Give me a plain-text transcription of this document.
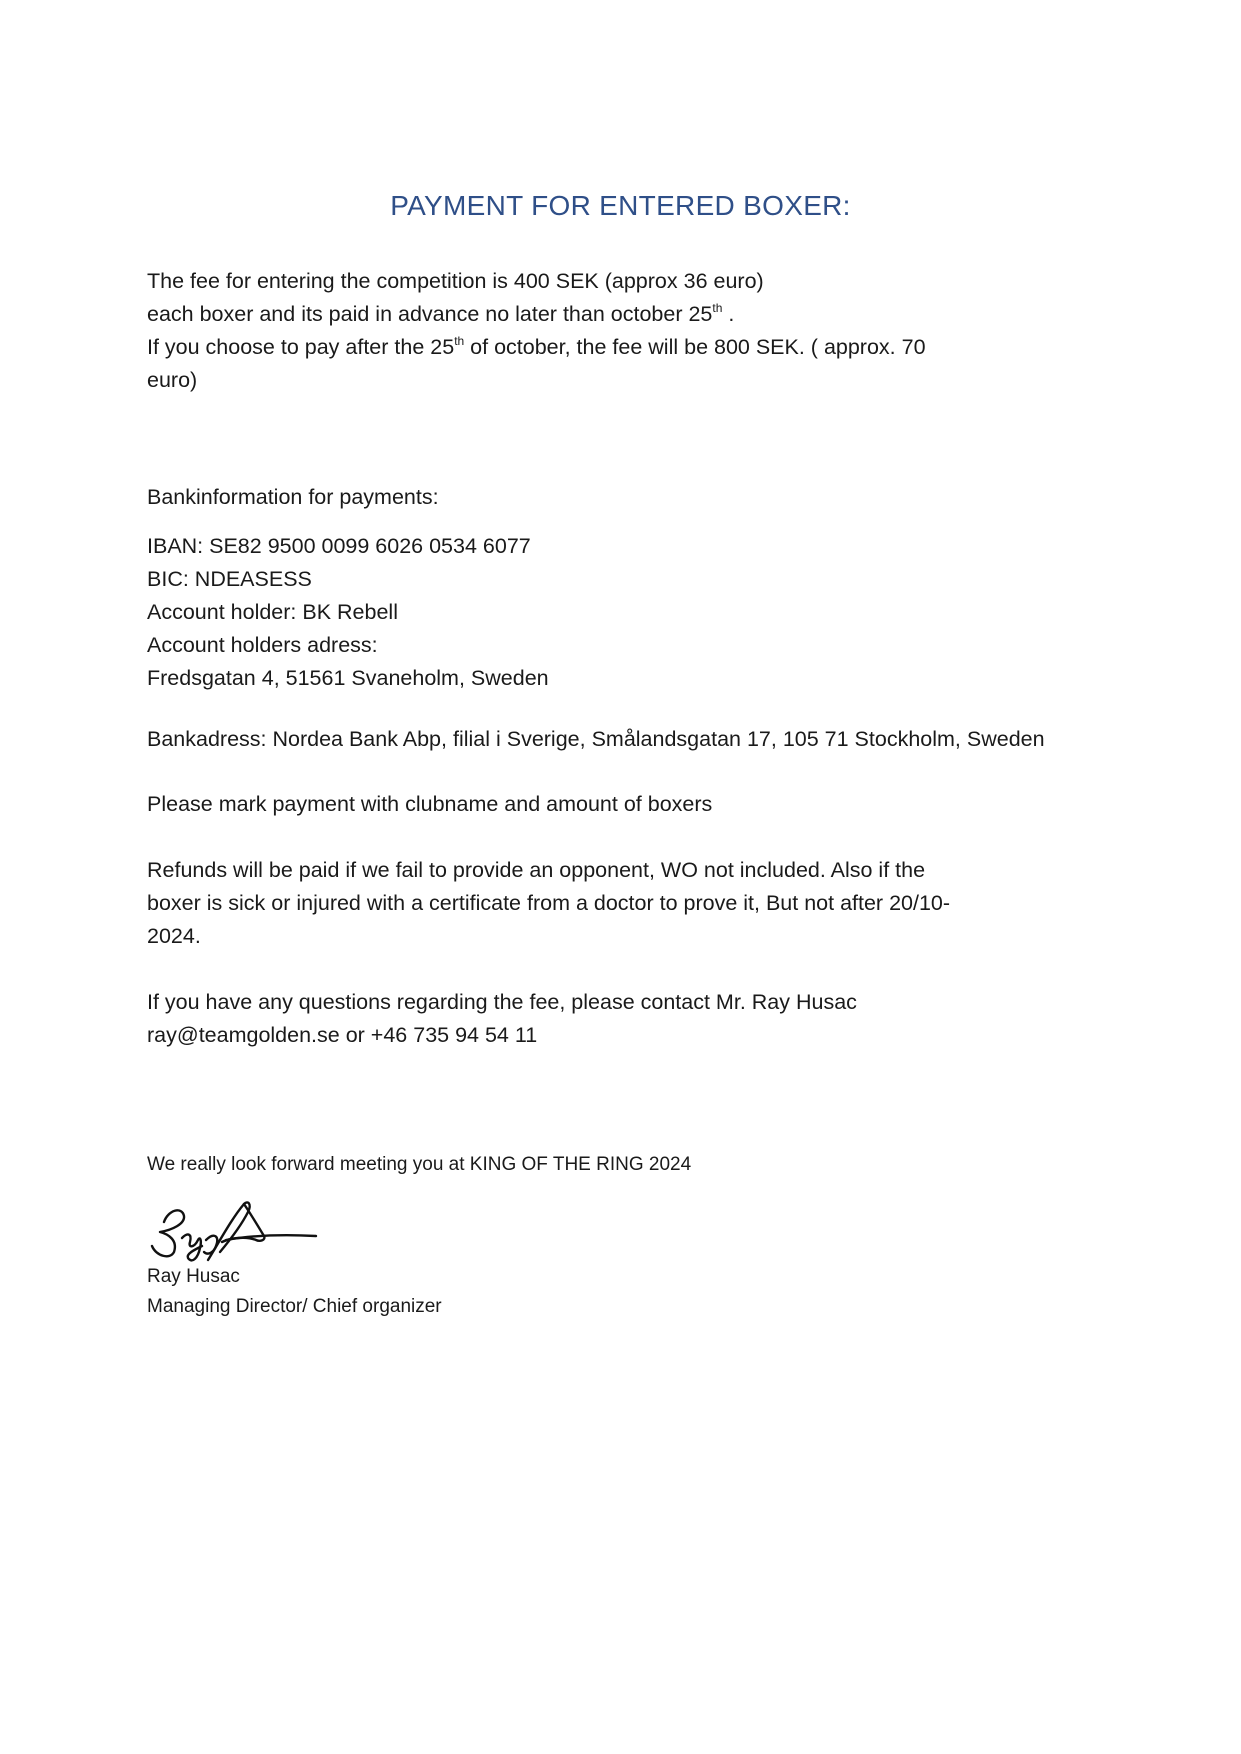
PAYMENT FOR ENTERED BOXER:

The fee for entering the competition is 400 SEK (approx 36 euro)

each boxer and its paid in advance no later than october 25th .

If you choose to pay after the 25th of october, the fee will be 800 SEK. ( approx. 70

euro)

Bankinformation for payments:

IBAN: SE82 9500 0099 6026 0534 6077

BIC: NDEASESS

Account holder: BK Rebell

Account holders adress:

Fredsgatan 4, 51561 Svaneholm, Sweden

Bankadress: Nordea Bank Abp, filial i Sverige, Smålandsgatan 17, 105 71 Stockholm, Sweden

Please mark payment with clubname and amount of boxers

Refunds will be paid if we fail to provide an opponent, WO not included. Also if the

boxer is sick or injured with a certificate from a doctor to prove it, But not after 20/10-

2024.

If you have any questions regarding the fee, please contact Mr. Ray Husac

ray@teamgolden.se or +46 735 94 54 11

We really look forward meeting you at KING OF THE RING 2024

Ray Husac

Managing Director/ Chief organizer
